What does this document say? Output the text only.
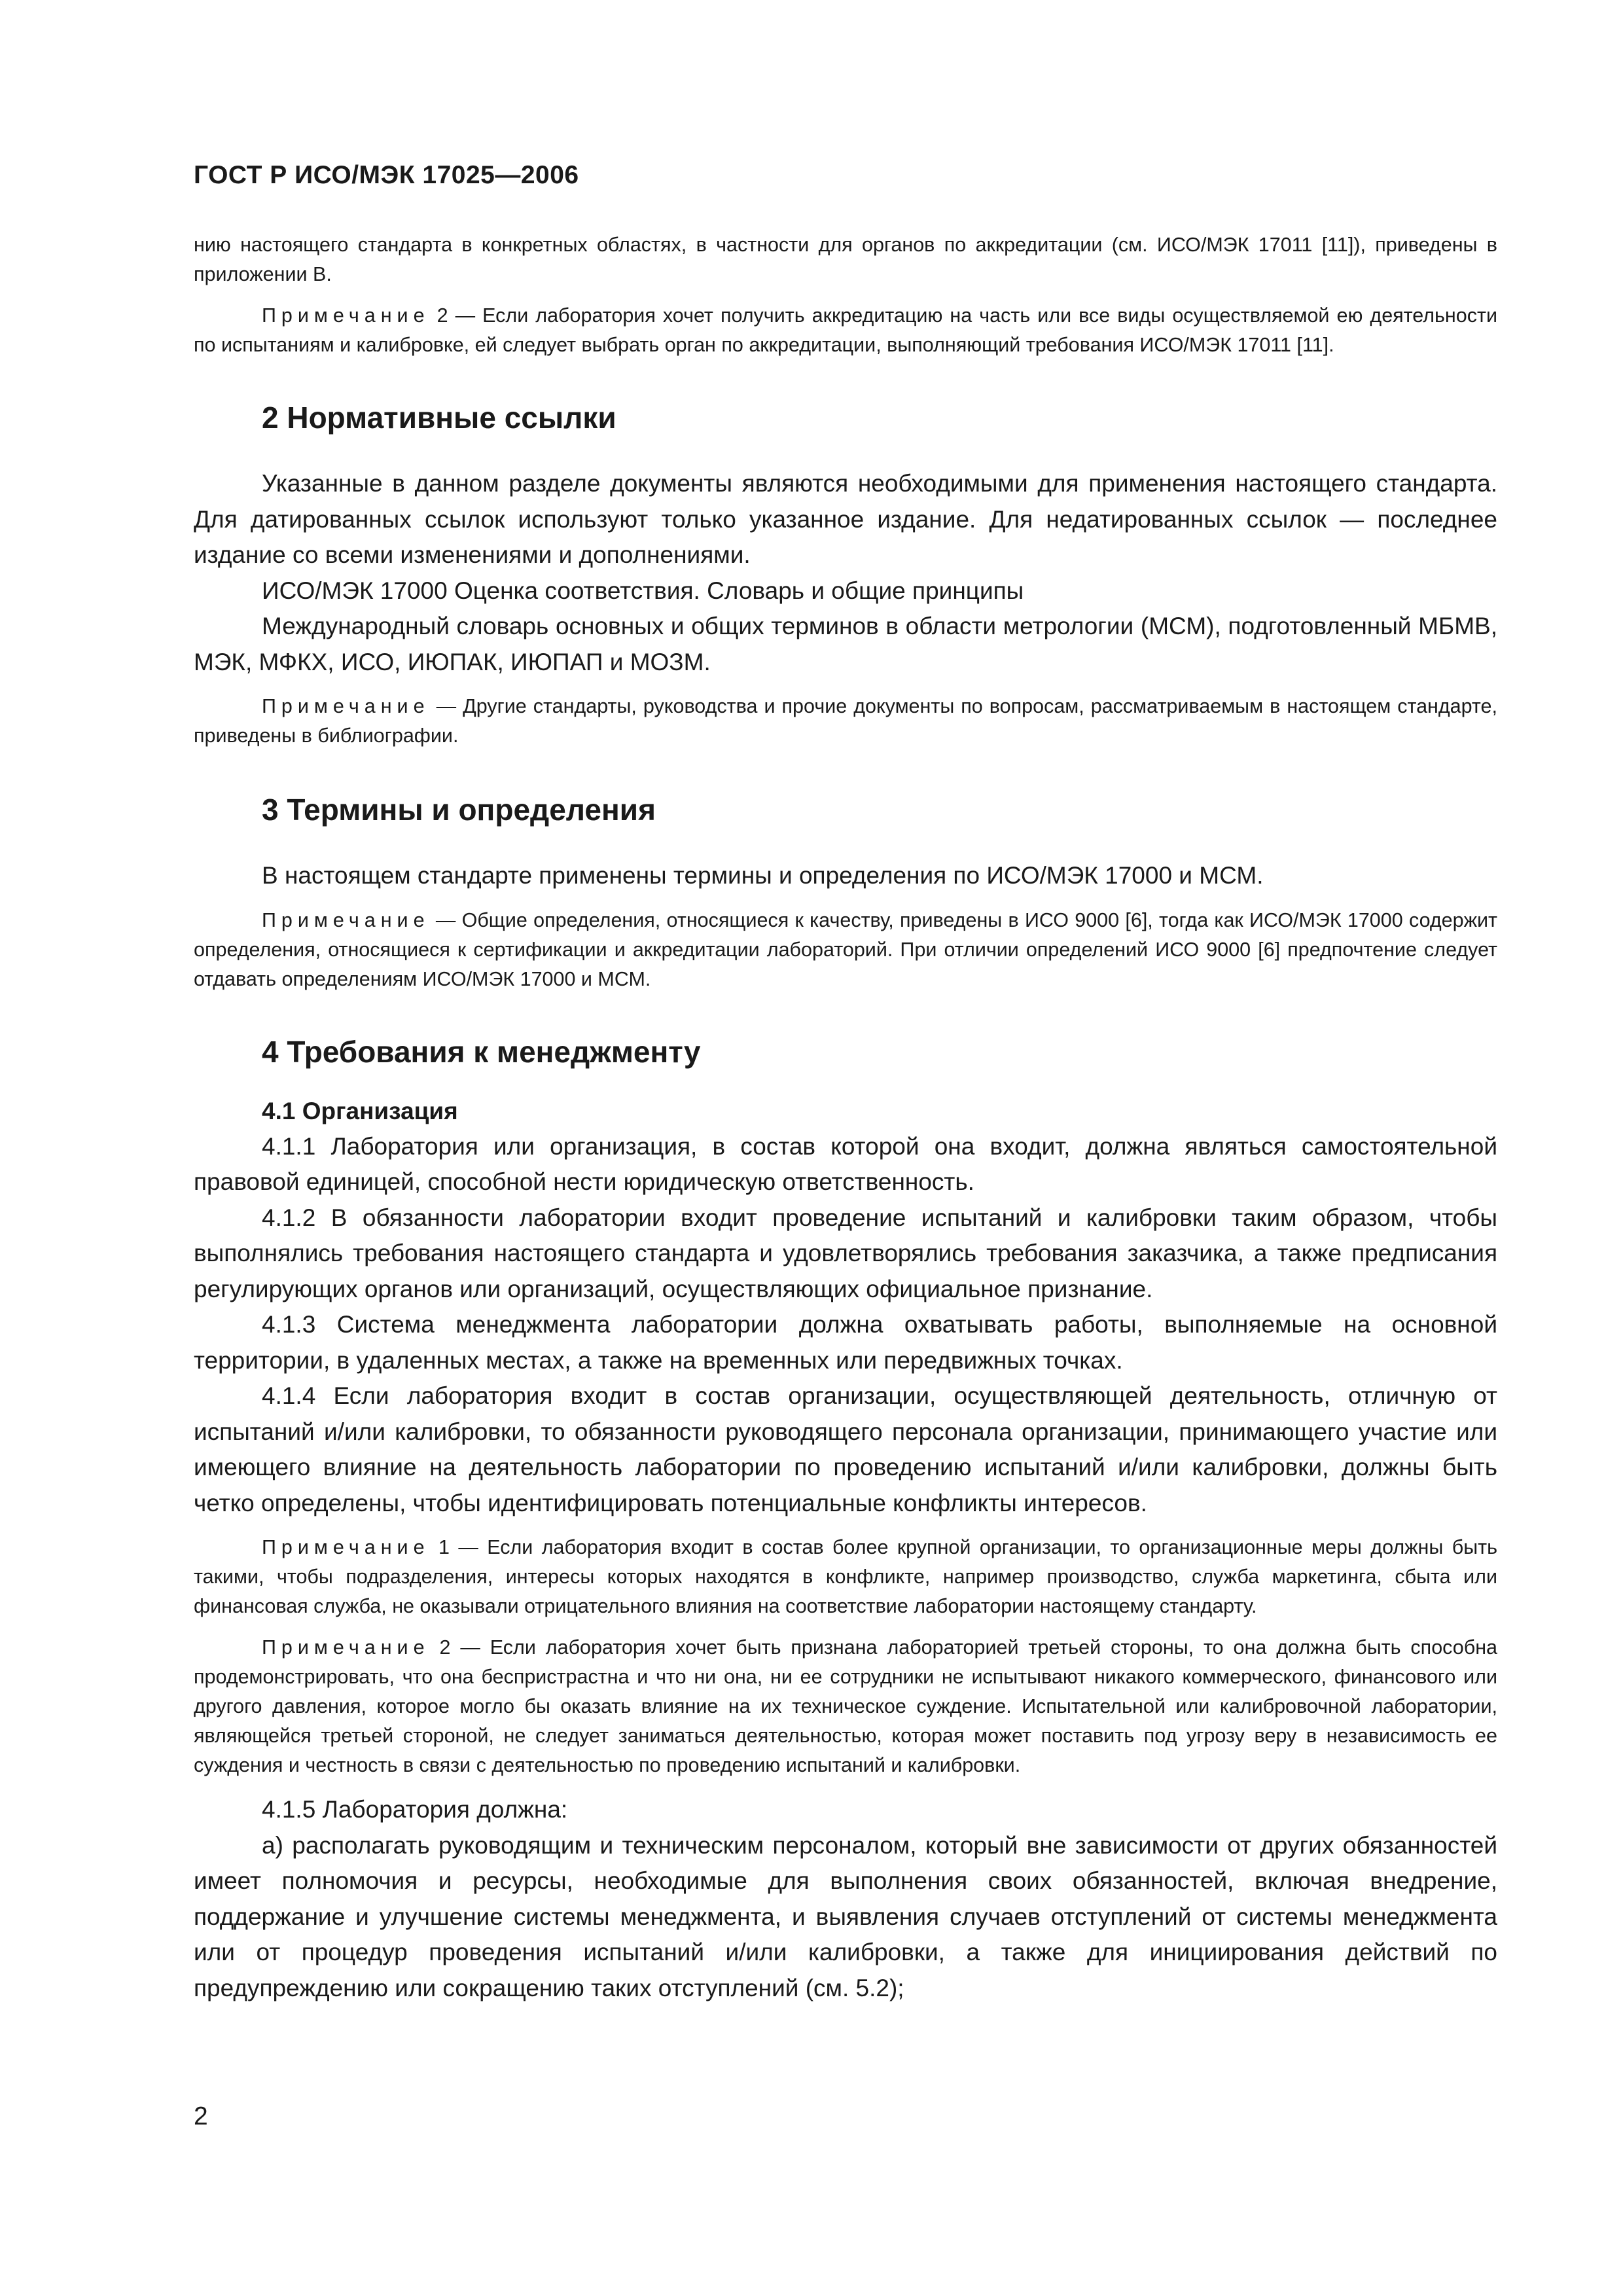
ГОСТ Р ИСО/МЭК 17025—2006

нию настоящего стандарта в конкретных областях, в частности для органов по аккредитации (см. ИСО/МЭК 17011 [11]), приведены в приложении В.

Примечание 2 — Если лаборатория хочет получить аккредитацию на часть или все виды осуществляемой ею деятельности по испытаниям и калибровке, ей следует выбрать орган по аккредитации, выполняющий требования ИСО/МЭК 17011 [11].

2 Нормативные ссылки

Указанные в данном разделе документы являются необходимыми для применения настоящего стандарта. Для датированных ссылок используют только указанное издание. Для недатированных ссылок — последнее издание со всеми изменениями и дополнениями.

ИСО/МЭК 17000 Оценка соответствия. Словарь и общие принципы

Международный словарь основных и общих терминов в области метрологии (МСМ), подготовленный МБМВ, МЭК, МФКХ, ИСО, ИЮПАК, ИЮПАП и МОЗМ.

Примечание — Другие стандарты, руководства и прочие документы по вопросам, рассматриваемым в настоящем стандарте, приведены в библиографии.

3 Термины и определения

В настоящем стандарте применены термины и определения по ИСО/МЭК 17000 и МСМ.

Примечание — Общие определения, относящиеся к качеству, приведены в ИСО 9000 [6], тогда как ИСО/МЭК 17000 содержит определения, относящиеся к сертификации и аккредитации лабораторий. При отличии определений ИСО 9000 [6] предпочтение следует отдавать определениям ИСО/МЭК 17000 и МСМ.

4 Требования к менеджменту
4.1 Организация

4.1.1 Лаборатория или организация, в состав которой она входит, должна являться самостоятельной правовой единицей, способной нести юридическую ответственность.

4.1.2 В обязанности лаборатории входит проведение испытаний и калибровки таким образом, чтобы выполнялись требования настоящего стандарта и удовлетворялись требования заказчика, а также предписания регулирующих органов или организаций, осуществляющих официальное признание.

4.1.3 Система менеджмента лаборатории должна охватывать работы, выполняемые на основной территории, в удаленных местах, а также на временных или передвижных точках.

4.1.4 Если лаборатория входит в состав организации, осуществляющей деятельность, отличную от испытаний и/или калибровки, то обязанности руководящего персонала организации, принимающего участие или имеющего влияние на деятельность лаборатории по проведению испытаний и/или калибровки, должны быть четко определены, чтобы идентифицировать потенциальные конфликты интересов.

Примечание 1 — Если лаборатория входит в состав более крупной организации, то организационные меры должны быть такими, чтобы подразделения, интересы которых находятся в конфликте, например производство, служба маркетинга, сбыта или финансовая служба, не оказывали отрицательного влияния на соответствие лаборатории настоящему стандарту.

Примечание 2 — Если лаборатория хочет быть признана лабораторией третьей стороны, то она должна быть способна продемонстрировать, что она беспристрастна и что ни она, ни ее сотрудники не испытывают никакого коммерческого, финансового или другого давления, которое могло бы оказать влияние на их техническое суждение. Испытательной или калибровочной лаборатории, являющейся третьей стороной, не следует заниматься деятельностью, которая может поставить под угрозу веру в независимость ее суждения и честность в связи с деятельностью по проведению испытаний и калибровки.

4.1.5 Лаборатория должна:

а) располагать руководящим и техническим персоналом, который вне зависимости от других обязанностей имеет полномочия и ресурсы, необходимые для выполнения своих обязанностей, включая внедрение, поддержание и улучшение системы менеджмента, и выявления случаев отступлений от системы менеджмента или от процедур проведения испытаний и/или калибровки, а также для инициирования действий по предупреждению или сокращению таких отступлений (см. 5.2);

2
